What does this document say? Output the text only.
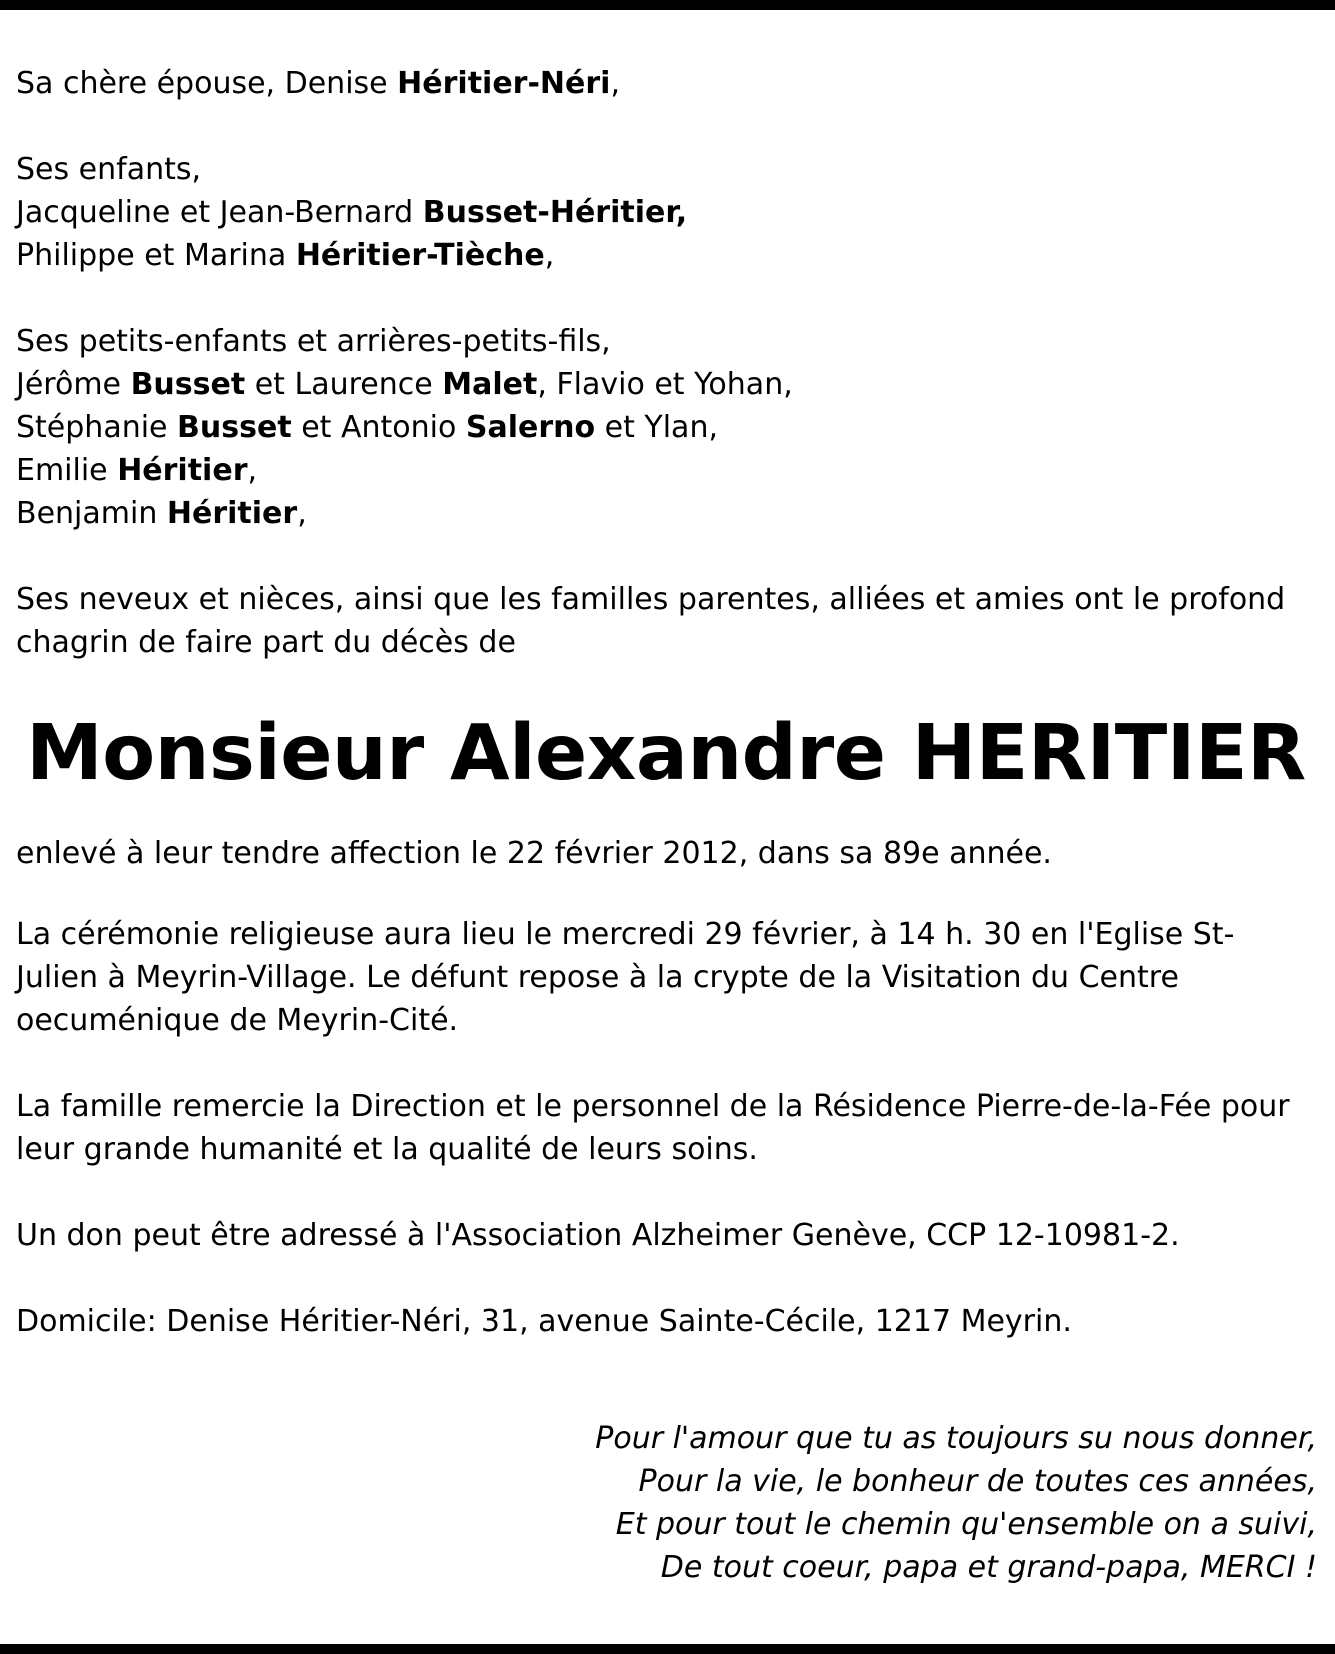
Sa chère épouse, Denise Héritier-Néri,
Ses enfants,
Jacqueline et Jean-Bernard Busset-Héritier,
Philippe et Marina Héritier-Tièche,
Ses petits-enfants et arrières-petits-fils,
Jérôme Busset et Laurence Malet, Flavio et Yohan,
Stéphanie Busset et Antonio Salerno et Ylan,
Emilie Héritier,
Benjamin Héritier,
Ses neveux et nièces, ainsi que les familles parentes, alliées et amies ont le profond
chagrin de faire part du décès de
Monsieur Alexandre HERITIER
enlevé à leur tendre affection le 22 février 2012, dans sa 89e année.
La cérémonie religieuse aura lieu le mercredi 29 février, à 14 h. 30 en l'Eglise St-
Julien à Meyrin-Village. Le défunt repose à la crypte de la Visitation du Centre
oecuménique de Meyrin-Cité.
La famille remercie la Direction et le personnel de la Résidence Pierre-de-la-Fée pour
leur grande humanité et la qualité de leurs soins.
Un don peut être adressé à l'Association Alzheimer Genève, CCP 12-10981-2.
Domicile: Denise Héritier-Néri, 31, avenue Sainte-Cécile, 1217 Meyrin.
Pour l'amour que tu as toujours su nous donner,
Pour la vie, le bonheur de toutes ces années,
Et pour tout le chemin qu'ensemble on a suivi,
De tout coeur, papa et grand-papa, MERCI !
